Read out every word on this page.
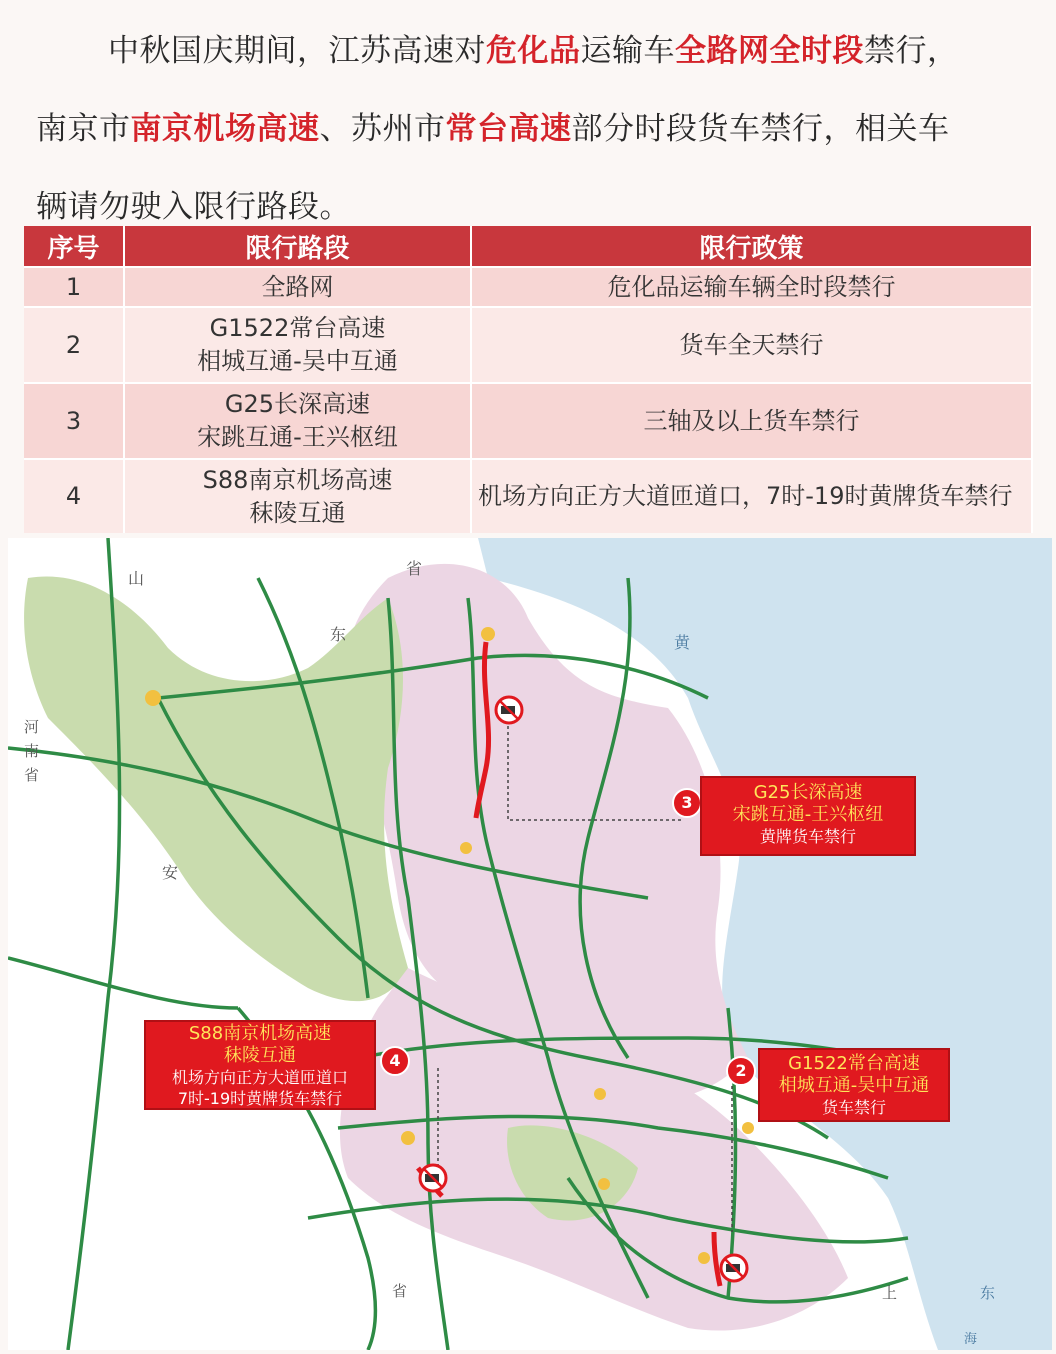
中秋国庆期间，江苏高速对危化品运输车全路网全时段禁行，
南京市南京机场高速、苏州市常台高速部分时段货车禁行，相关车
辆请勿驶入限行路段。
序号	限行路段	限行政策
1	全路网	危化品运输车辆全时段禁行
2	G1522常台高速
相城互通-吴中互通	货车全天禁行
3	G25长深高速
宋跳互通-王兴枢纽	三轴及以上货车禁行
4	S88南京机场高速
秣陵互通	机场方向正方大道匝道口，7时-19时黄牌货车禁行
山
东
省
河
南
省
安
黄
省	上	东
海
3	G25长深高速
宋跳互通-王兴枢纽
黄牌货车禁行
S88南京机场高速
秣陵互通
机场方向正方大道匝道口
7时-19时黄牌货车禁行
4
2	G1522常台高速
相城互通-吴中互通
货车禁行
